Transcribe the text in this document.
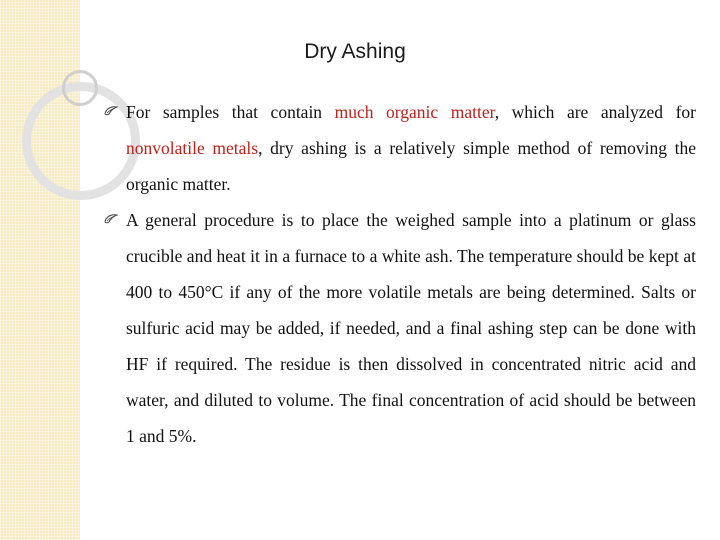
Dry Ashing
For samples that contain much organic matter, which are analyzed for nonvolatile metals, dry ashing is a relatively simple method of removing the organic matter.
A general procedure is to place the weighed sample into a platinum or glass crucible and heat it in a furnace to a white ash. The temperature should be kept at 400 to 450°C if any of the more volatile metals are being determined. Salts or sulfuric acid may be added, if needed, and a final ashing step can be done with HF if required. The residue is then dissolved in concentrated nitric acid and water, and diluted to volume. The final concentration of acid should be between 1 and 5%.
